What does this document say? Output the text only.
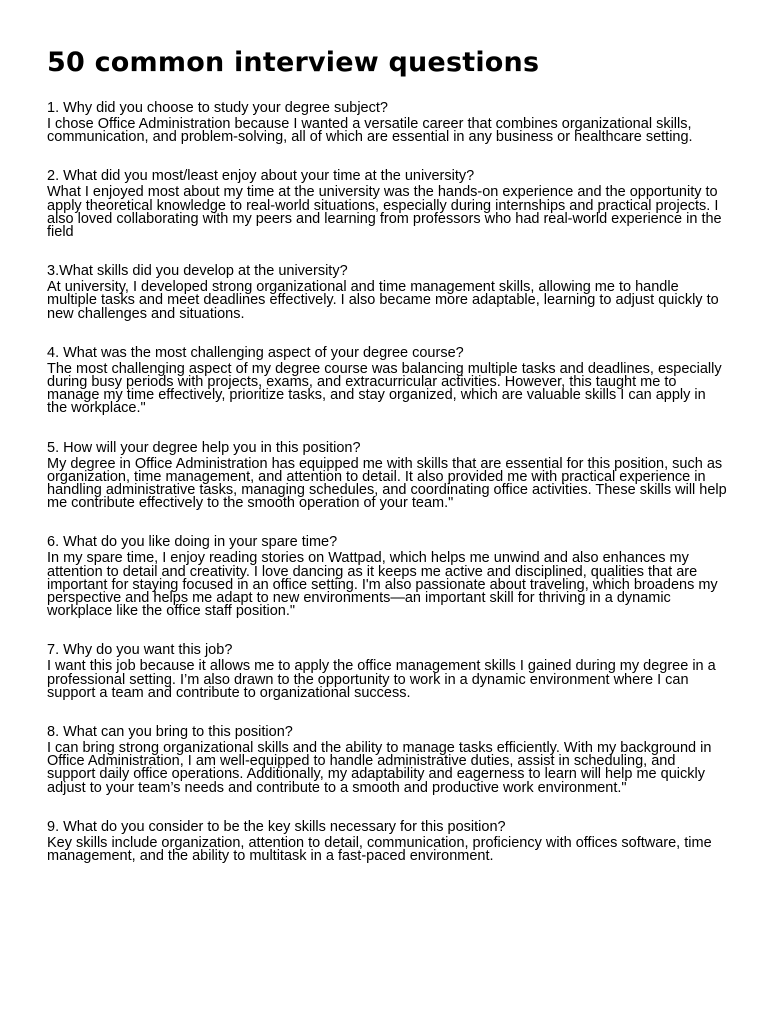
50 common interview questions

1. Why did you choose to study your degree subject?

I chose Office Administration because I wanted a versatile career that combines organizational skills, communication, and problem-solving, all of which are essential in any business or healthcare setting.

2. What did you most/least enjoy about your time at the university?

What I enjoyed most about my time at the university was the hands-on experience and the opportunity to apply theoretical knowledge to real-world situations, especially during internships and practical projects. I also loved collaborating with my peers and learning from professors who had real-world experience in the field

3.What skills did you develop at the university?

At university, I developed strong organizational and time management skills, allowing me to handle multiple tasks and meet deadlines effectively. I also became more adaptable, learning to adjust quickly to new challenges and situations.

4. What was the most challenging aspect of your degree course?

The most challenging aspect of my degree course was balancing multiple tasks and deadlines, especially during busy periods with projects, exams, and extracurricular activities. However, this taught me to manage my time effectively, prioritize tasks, and stay organized, which are valuable skills I can apply in the workplace."

5. How will your degree help you in this position?

My degree in Office Administration has equipped me with skills that are essential for this position, such as organization, time management, and attention to detail. It also provided me with practical experience in handling administrative tasks, managing schedules, and coordinating office activities. These skills will help me contribute effectively to the smooth operation of your team."

6. What do you like doing in your spare time?

In my spare time, I enjoy reading stories on Wattpad, which helps me unwind and also enhances my attention to detail and creativity. I love dancing as it keeps me active and disciplined, qualities that are important for staying focused in an office setting. I'm also passionate about traveling, which broadens my perspective and helps me adapt to new environments—an important skill for thriving in a dynamic workplace like the office staff position."

7. Why do you want this job?

I want this job because it allows me to apply the office management skills I gained during my degree in a professional setting. I’m also drawn to the opportunity to work in a dynamic environment where I can support a team and contribute to organizational success.

8. What can you bring to this position?

I can bring strong organizational skills and the ability to manage tasks efficiently. With my background in Office Administration, I am well-equipped to handle administrative duties, assist in scheduling, and support daily office operations. Additionally, my adaptability and eagerness to learn will help me quickly adjust to your team’s needs and contribute to a smooth and productive work environment."

9. What do you consider to be the key skills necessary for this position?

Key skills include organization, attention to detail, communication, proficiency with offices software, time management, and the ability to multitask in a fast-paced environment.
